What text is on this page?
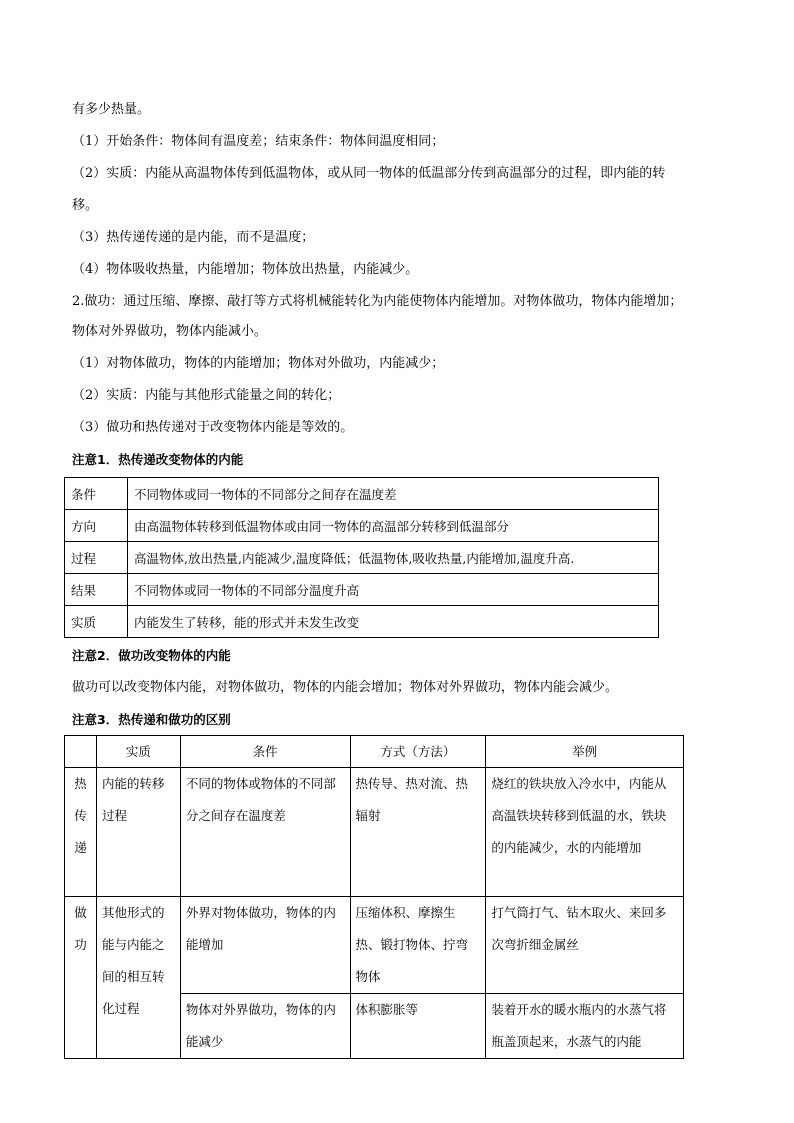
有多少热量。
（1）开始条件：物体间有温度差；结束条件：物体间温度相同；
（2）实质：内能从高温物体传到低温物体，或从同一物体的低温部分传到高温部分的过程，即内能的转
移。
（3）热传递传递的是内能，而不是温度；
（4）物体吸收热量，内能增加；物体放出热量，内能减少。
2.做功：通过压缩、摩擦、敲打等方式将机械能转化为内能使物体内能增加。对物体做功，物体内能增加；
物体对外界做功，物体内能减小。
（1）对物体做功，物体的内能增加；物体对外做功，内能减少；
（2）实质：内能与其他形式能量之间的转化；
（3）做功和热传递对于改变物体内能是等效的。
注意1．热传递改变物体的内能
条件	不同物体或同一物体的不同部分之间存在温度差
方向	由高温物体转移到低温物体或由同一物体的高温部分转移到低温部分
过程	高温物体,放出热量,内能减少,温度降低；低温物体,吸收热量,内能增加,温度升高.
结果	不同物体或同一物体的不同部分温度升高
实质	内能发生了转移，能的形式并未发生改变
注意2．做功改变物体的内能
做功可以改变物体内能，对物体做功，物体的内能会增加；物体对外界做功，物体内能会减少。
注意3．热传递和做功的区别
	实质	条件	方式（方法）	举例

热
传
递	内能的转移过程	不同的物体或物体的不同部分之间存在温度差	热传导、热对流、热辐射	烧红的铁块放入冷水中，内能从高温铁块转移到低温的水，铁块的内能减少，水的内能增加

做
功	其他形式的能与内能之间的相互转化过程	外界对物体做功，物体的内能增加	压缩体积、摩擦生热、锻打物体、拧弯物体	打气筒打气、钻木取火、来回多次弯折细金属丝
		物体对外界做功，物体的内能减少	体积膨胀等	装着开水的暖水瓶内的水蒸气将瓶盖顶起来，水蒸气的内能
